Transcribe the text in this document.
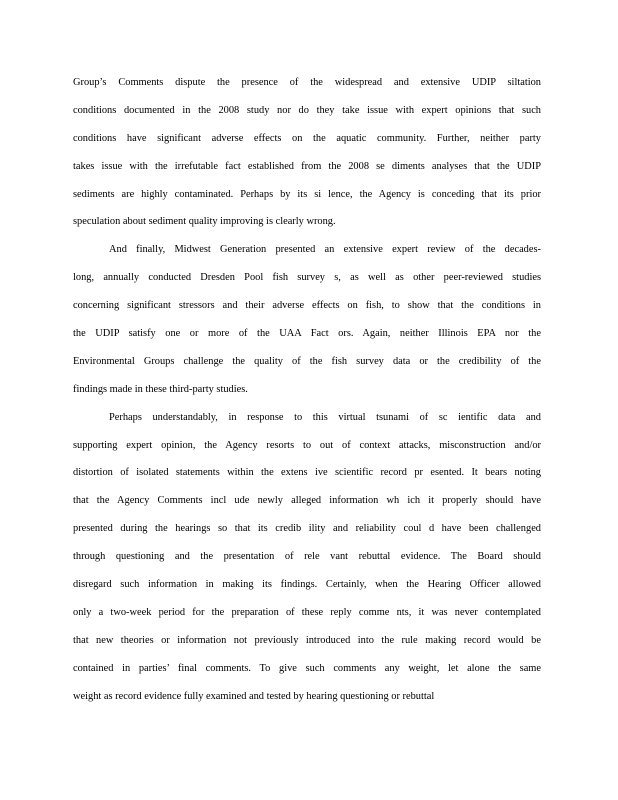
Group’s Comments dispute the presence of the widespread and extensive UDIP siltation
conditions documented in the 2008 study nor do they take issue with expert opinions that such
conditions have significant adverse effects on the aquatic community. Further, neither party
takes issue with the irrefutable fact established from the 2008 se diments analyses that the UDIP
sediments are highly contaminated. Perhaps by its si lence, the Agency is conceding that its prior
speculation about sediment quality improving is clearly wrong.
And finally, Midwest Generation presented an extensive expert review of the decades-
long, annually conducted Dresden Pool fish survey s, as well as other peer-reviewed studies
concerning significant stressors and their adverse effects on fish, to show that the conditions in
the UDIP satisfy one or more of the UAA Fact ors. Again, neither Illinois EPA nor the
Environmental Groups challenge the quality of the fish survey data or the credibility of the
findings made in these third-party studies.
Perhaps understandably, in response to this virtual tsunami of sc ientific data and
supporting expert opinion, the Agency resorts to out of context attacks, misconstruction and/or
distortion of isolated statements within the extens ive scientific record pr esented. It bears noting
that the Agency Comments incl ude newly alleged information wh ich it properly should have
presented during the hearings so that its credib ility and reliability coul d have been challenged
through questioning and the presentation of rele vant rebuttal evidence. The Board should
disregard such information in making its findings. Certainly, when the Hearing Officer allowed
only a two-week period for the preparation of these reply comme nts, it was never contemplated
that new theories or information not previously introduced into the rule making record would be
contained in parties’ final comments. To give such comments any weight, let alone the same
weight as record evidence fully examined and tested by hearing questioning or rebuttal
